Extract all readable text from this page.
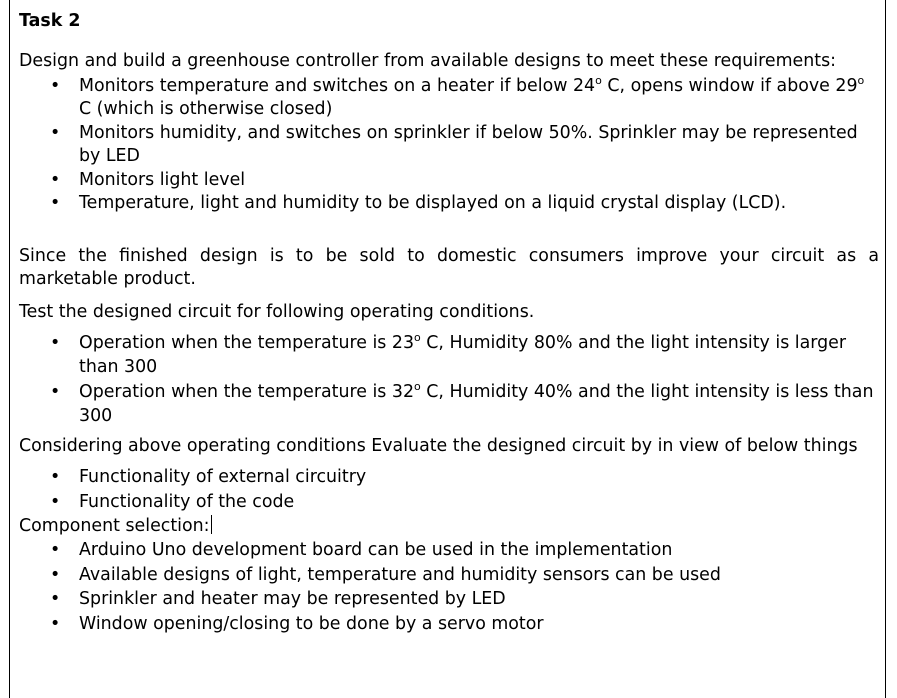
Task 2

Design and build a greenhouse controller from available designs to meet these requirements:

• Monitors temperature and switches on a heater if below 24$^o$ C, opens window if above 29$^o$ C (which is otherwise closed)
• Monitors humidity, and switches on sprinkler if below 50%. Sprinkler may be represented by LED
• Monitors light level
• Temperature, light and humidity to be displayed on a liquid crystal display (LCD).

Since the finished design is to be sold to domestic consumers improve your circuit as a marketable product.

Test the designed circuit for following operating conditions.

• Operation when the temperature is 23$^o$ C, Humidity 80% and the light intensity is larger than 300
• Operation when the temperature is 32$^o$ C, Humidity 40% and the light intensity is less than 300

Considering above operating conditions Evaluate the designed circuit by in view of below things

• Functionality of external circuitry
• Functionality of the code

Component selection:

• Arduino Uno development board can be used in the implementation
• Available designs of light, temperature and humidity sensors can be used
• Sprinkler and heater may be represented by LED
• Window opening/closing to be done by a servo motor
